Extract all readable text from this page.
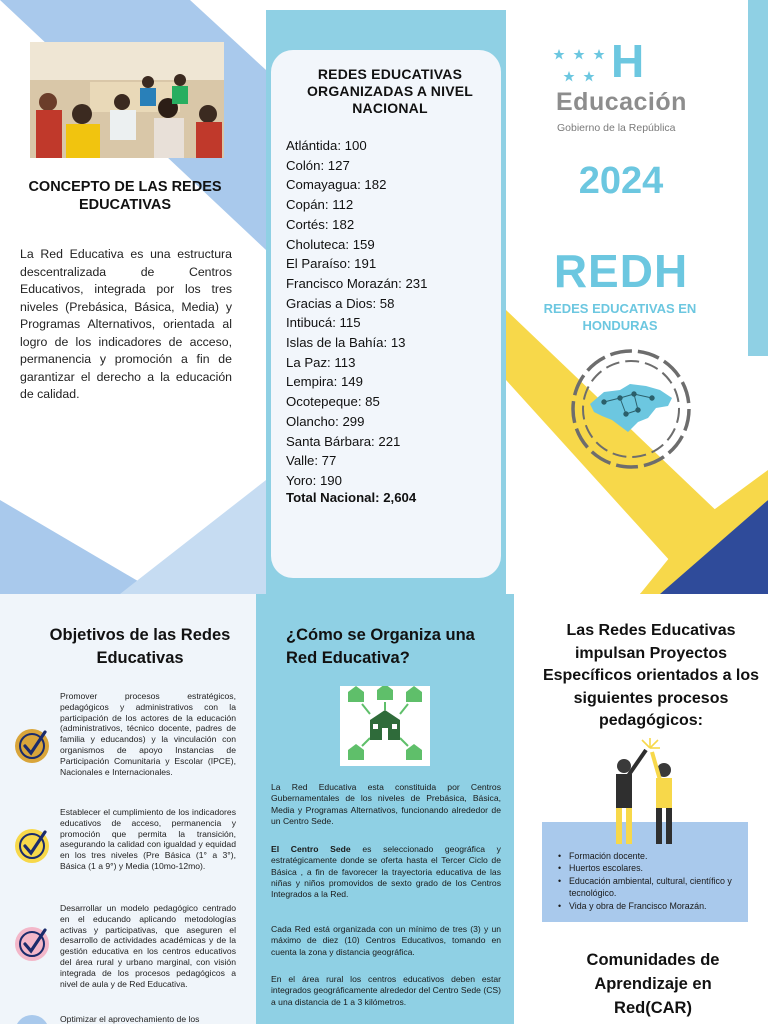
CONCEPTO DE LAS REDES EDUCATIVAS
La Red Educativa es una estructura descentralizada de Centros Educativos, integrada por los tres niveles (Prebásica, Básica, Media) y Programas Alternativos, orientada al logro de los indicadores de acceso, permanencia y promoción a fin de garantizar el derecho a la educación de calidad.
REDES EDUCATIVAS ORGANIZADAS A NIVEL NACIONAL
Atlántida: 100
Colón: 127
Comayagua: 182
Copán: 112
Cortés: 182
Choluteca: 159
El Paraíso: 191
Francisco Morazán: 231
Gracias a Dios: 58
Intibucá: 115
Islas de la Bahía: 13
La Paz: 113
Lempira: 149
Ocotepeque: 85
Olancho: 299
Santa Bárbara: 221
Valle: 77
Yoro: 190
Total Nacional: 2,604
H
Educación
Gobierno de la República
2024
REDH
REDES EDUCATIVAS EN HONDURAS
Objetivos de las Redes Educativas
Promover procesos estratégicos, pedagógicos y administrativos con la participación de los actores de la educación (administrativos, técnico docente, padres de familia y educandos) y la vinculación con organismos de apoyo Instancias de Participación Comunitaria y Escolar (IPCE), Nacionales e Internacionales.
Establecer el cumplimiento de los indicadores educativos de acceso, permanencia y promoción que permita la transición, asegurando la calidad con igualdad y equidad en los tres niveles (Pre Básica (1° a 3°), Básica (1 a 9°) y Media (10mo-12mo).
Desarrollar un modelo pedagógico centrado en el educando aplicando metodologías activas y participativas, que aseguren el desarrollo de actividades académicas y de la gestión educativa en los centros educativos del área rural y urbano marginal, con visión integrada de los procesos pedagógicos a nivel de aula y de Red Educativa.
Optimizar el aprovechamiento de los
¿Cómo se Organiza una Red Educativa?
La Red Educativa esta constituida por Centros Gubernamentales de los niveles de Prebásica, Básica, Media y Programas Alternativos, funcionando alrededor de un Centro Sede.
El Centro Sede es seleccionado geográfica y estratégicamente donde se oferta hasta el Tercer Ciclo de Básica , a fin de favorecer la trayectoria educativa de las niñas y niños promovidos de sexto grado de los Centros Integrados a la Red.
Cada Red está organizada con un mínimo de tres (3) y un máximo de diez (10) Centros Educativos, tomando en cuenta la zona y distancia geográfica.
En el área rural los centros educativos deben estar integrados geográficamente alrededor del Centro Sede (CS) a una distancia de 1 a 3 kilómetros.
Las Redes Educativas impulsan Proyectos Específicos orientados a los siguientes procesos pedagógicos:
• Formación docente.
• Huertos escolares.
• Educación ambiental, cultural, científico y tecnológico.
• Vida y obra de Francisco Morazán.
Comunidades de Aprendizaje en Red(CAR)
